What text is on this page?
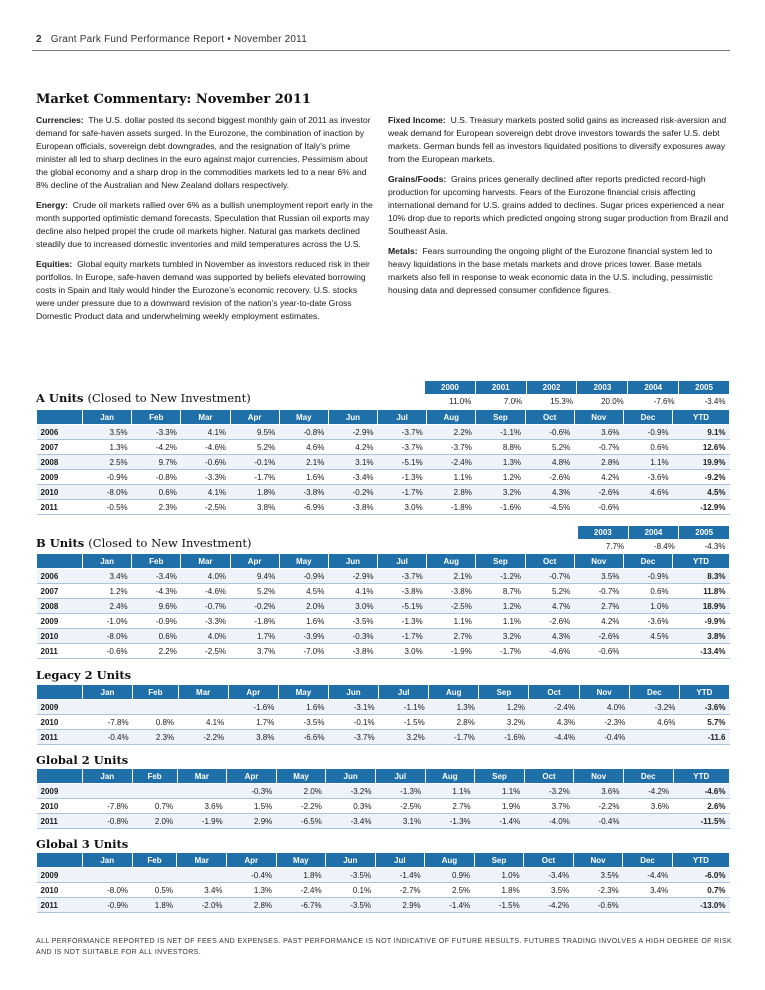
2 Grant Park Fund Performance Report • November 2011
Market Commentary: November 2011

Currencies: The U.S. dollar posted its second biggest monthly gain of 2011 as investor demand for safe-haven assets surged. In the Eurozone, the combination of inaction by European officials, sovereign debt downgrades, and the resignation of Italy’s prime minister all led to sharp declines in the euro against major currencies. Pessimism about the global economy and a sharp drop in the commodities markets led to a near 6% and 8% decline of the Australian and New Zealand dollars respectively.

Energy: Crude oil markets rallied over 6% as a bullish unemployment report early in the month supported optimistic demand forecasts. Speculation that Russian oil exports may decline also helped propel the crude oil markets higher. Natural gas markets declined steadily due to increased domestic inventories and mild temperatures across the U.S.

Equities: Global equity markets tumbled in November as investors reduced risk in their portfolios. In Europe, safe-haven demand was supported by beliefs elevated borrowing costs in Spain and Italy would hinder the Eurozone’s economic recovery. U.S. stocks were under pressure due to a downward revision of the nation’s year-to-date Gross Domestic Product data and underwhelming weekly employment estimates.

Fixed Income: U.S. Treasury markets posted solid gains as increased risk-aversion and weak demand for European sovereign debt drove investors towards the safer U.S. debt markets. German bunds fell as investors liquidated positions to diversify exposures away from the European markets.

Grains/Foods: Grains prices generally declined after reports predicted record-high production for upcoming harvests. Fears of the Eurozone financial crisis affecting international demand for U.S. grains added to declines. Sugar prices experienced a near 10% drop due to reports which predicted ongoing strong sugar production from Brazil and Southeast Asia.

Metals: Fears surrounding the ongoing plight of the Eurozone financial system led to heavy liquidations in the base metals markets and drove prices lower. Base metals markets also fell in response to weak economic data in the U.S. including, pessimistic housing data and depressed consumer confidence figures.

2000	2001	2002	2003	2004	2005
11.0%	7.0%	15.3%	20.0%	-7.6%	-3.4%
A Units (Closed to New Investment)
	Jan	Feb	Mar	Apr	May	Jun	Jul	Aug	Sep	Oct	Nov	Dec	YTD
2006	3.5%	-3.3%	4.1%	9.5%	-0.8%	-2.9%	-3.7%	2.2%	-1.1%	-0.6%	3.6%	-0.9%	9.1%
2007	1.3%	-4.2%	-4.6%	5.2%	4.6%	4.2%	-3.7%	-3.7%	8.8%	5.2%	-0.7%	0.6%	12.6%
2008	2.5%	9.7%	-0.6%	-0.1%	2.1%	3.1%	-5.1%	-2.4%	1.3%	4.8%	2.8%	1.1%	19.9%
2009	-0.9%	-0.8%	-3.3%	-1.7%	1.6%	-3.4%	-1.3%	1.1%	1.2%	-2.6%	4.2%	-3.6%	-9.2%
2010	-8.0%	0.6%	4.1%	1.8%	-3.8%	-0.2%	-1.7%	2.8%	3.2%	4.3%	-2.6%	4.6%	4.5%
2011	-0.5%	2.3%	-2.5%	3.8%	-6.9%	-3.8%	3.0%	-1.8%	-1.6%	-4.5%	-0.6%		-12.9%
2003	2004	2005
7.7%	-8.4%	-4.3%
B Units (Closed to New Investment)
	Jan	Feb	Mar	Apr	May	Jun	Jul	Aug	Sep	Oct	Nov	Dec	YTD
2006	3.4%	-3.4%	4.0%	9.4%	-0.9%	-2.9%	-3.7%	2.1%	-1.2%	-0.7%	3.5%	-0.9%	8.3%
2007	1.2%	-4.3%	-4.6%	5.2%	4.5%	4.1%	-3.8%	-3.8%	8.7%	5.2%	-0.7%	0.6%	11.8%
2008	2.4%	9.6%	-0.7%	-0.2%	2.0%	3.0%	-5.1%	-2.5%	1.2%	4.7%	2.7%	1.0%	18.9%
2009	-1.0%	-0.9%	-3.3%	-1.8%	1.6%	-3.5%	-1.3%	1.1%	1.1%	-2.6%	4.2%	-3.6%	-9.9%
2010	-8.0%	0.6%	4.0%	1.7%	-3.9%	-0.3%	-1.7%	2.7%	3.2%	4.3%	-2.6%	4.5%	3.8%
2011	-0.6%	2.2%	-2.5%	3.7%	-7.0%	-3.8%	3.0%	-1.9%	-1.7%	-4.6%	-0.6%		-13.4%
Legacy 2 Units
	Jan	Feb	Mar	Apr	May	Jun	Jul	Aug	Sep	Oct	Nov	Dec	YTD
2009				-1.6%	1.6%	-3.1%	-1.1%	1.3%	1.2%	-2.4%	4.0%	-3.2%	-3.6%
2010	-7.8%	0.8%	4.1%	1.7%	-3.5%	-0.1%	-1.5%	2.8%	3.2%	4.3%	-2.3%	4.6%	5.7%
2011	-0.4%	2.3%	-2.2%	3.8%	-6.6%	-3.7%	3.2%	-1.7%	-1.6%	-4.4%	-0.4%		-11.6
Global 2 Units
	Jan	Feb	Mar	Apr	May	Jun	Jul	Aug	Sep	Oct	Nov	Dec	YTD
2009				-0.3%	2.0%	-3.2%	-1.3%	1.1%	1.1%	-3.2%	3.6%	-4.2%	-4.6%
2010	-7.8%	0.7%	3.6%	1.5%	-2.2%	0.3%	-2.5%	2.7%	1.9%	3.7%	-2.2%	3.6%	2.6%
2011	-0.8%	2.0%	-1.9%	2.9%	-6.5%	-3.4%	3.1%	-1.3%	-1.4%	-4.0%	-0.4%		-11.5%
Global 3 Units
	Jan	Feb	Mar	Apr	May	Jun	Jul	Aug	Sep	Oct	Nov	Dec	YTD
2009				-0.4%	1.8%	-3.5%	-1.4%	0.9%	1.0%	-3.4%	3.5%	-4.4%	-6.0%
2010	-8.0%	0.5%	3.4%	1.3%	-2.4%	0.1%	-2.7%	2.5%	1.8%	3.5%	-2.3%	3.4%	0.7%
2011	-0.9%	1.8%	-2.0%	2.8%	-6.7%	-3.5%	2.9%	-1.4%	-1.5%	-4.2%	-0.6%		-13.0%
ALL PERFORMANCE REPORTED IS NET OF FEES AND EXPENSES. PAST PERFORMANCE IS NOT INDICATIVE OF FUTURE RESULTS. FUTURES TRADING INVOLVES A HIGH DEGREE OF RISK AND IS NOT SUITABLE FOR ALL INVESTORS.
